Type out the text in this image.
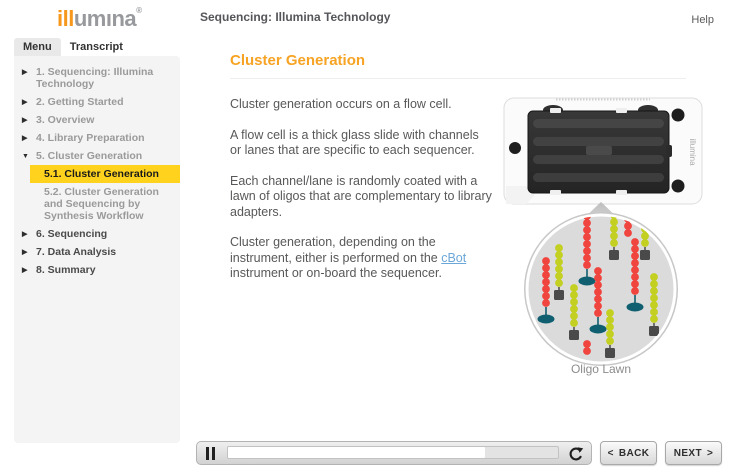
illumına®	Sequencing: Illumina Technology	Help
Menu	Transcript
▶ 1. Sequencing: Illumina Technology
▶ 2. Getting Started
▶ 3. Overview
▶ 4. Library Preparation
▼ 5. Cluster Generation
5.1. Cluster Generation
5.2. Cluster Generation and Sequencing by Synthesis Workflow
▶ 6. Sequencing
▶ 7. Data Analysis
▶ 8. Summary
Cluster Generation

Cluster generation occurs on a flow cell.

A flow cell is a thick glass slide with channels or lanes that are specific to each sequencer.

Each channel/lane is randomly coated with a lawn of oligos that are complementary to library adapters.

Cluster generation, depending on the instrument, either is performed on the cBot instrument or on-board the sequencer.

illumina
Oligo Lawn
< BACK NEXT >
